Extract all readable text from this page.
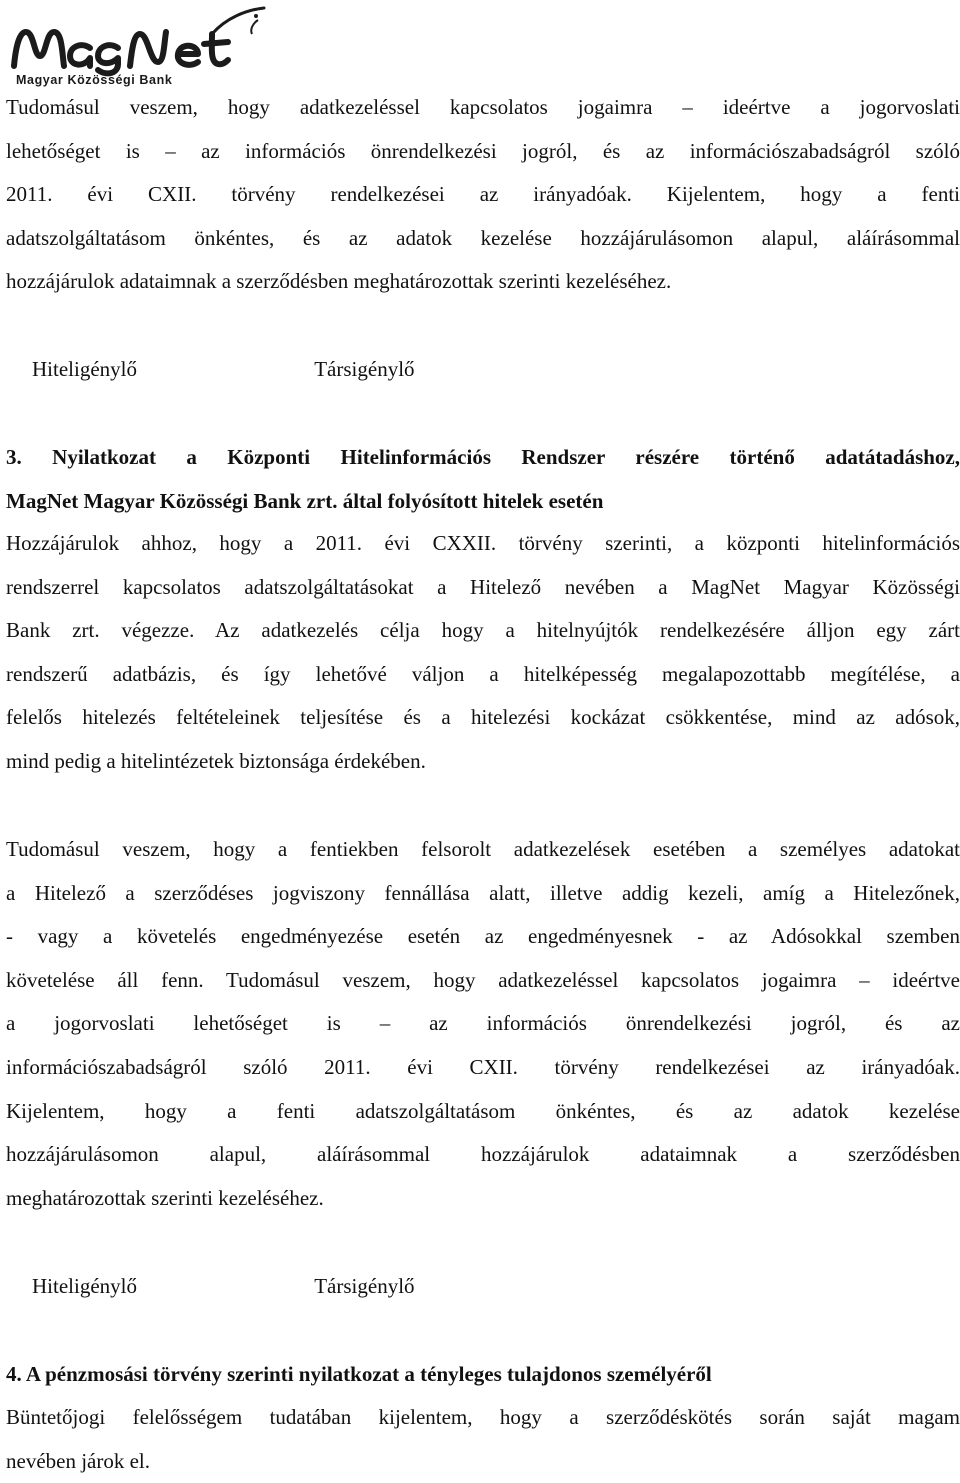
Magyar Közösségi Bank
Tudomásul veszem, hogy adatkezeléssel kapcsolatos jogaimra – ideértve a jogorvoslati
lehetőséget is – az információs önrendelkezési jogról, és az információszabadságról szóló
2011. évi CXII. törvény rendelkezései az irányadóak. Kijelentem, hogy a fenti
adatszolgáltatásom önkéntes, és az adatok kezelése hozzájárulásomon alapul, aláírásommal
hozzájárulok adataimnak a szerződésben meghatározottak szerinti kezeléséhez.
Hiteligénylő	Társigénylő
3. Nyilatkozat a Központi Hitelinformációs Rendszer részére történő adatátadáshoz,
MagNet Magyar Közösségi Bank zrt. által folyósított hitelek esetén
Hozzájárulok ahhoz, hogy a 2011. évi CXXII. törvény szerinti, a központi hitelinformációs
rendszerrel kapcsolatos adatszolgáltatásokat a Hitelező nevében a MagNet Magyar Közösségi
Bank zrt. végezze. Az adatkezelés célja hogy a hitelnyújtók rendelkezésére álljon egy zárt
rendszerű adatbázis, és így lehetővé váljon a hitelképesség megalapozottabb megítélése, a
felelős hitelezés feltételeinek teljesítése és a hitelezési kockázat csökkentése, mind az adósok,
mind pedig a hitelintézetek biztonsága érdekében.
Tudomásul veszem, hogy a fentiekben felsorolt adatkezelések esetében a személyes adatokat
a Hitelező a szerződéses jogviszony fennállása alatt, illetve addig kezeli, amíg a Hitelezőnek,
- vagy a követelés engedményezése esetén az engedményesnek - az Adósokkal szemben
követelése áll fenn. Tudomásul veszem, hogy adatkezeléssel kapcsolatos jogaimra – ideértve
a jogorvoslati lehetőséget is – az információs önrendelkezési jogról, és az
információszabadságról szóló 2011. évi CXII. törvény rendelkezései az irányadóak.
Kijelentem, hogy a fenti adatszolgáltatásom önkéntes, és az adatok kezelése
hozzájárulásomon alapul, aláírásommal hozzájárulok adataimnak a szerződésben
meghatározottak szerinti kezeléséhez.
Hiteligénylő	Társigénylő
4. A pénzmosási törvény szerinti nyilatkozat a tényleges tulajdonos személyéről
Büntetőjogi felelősségem tudatában kijelentem, hogy a szerződéskötés során saját magam
nevében járok el.
